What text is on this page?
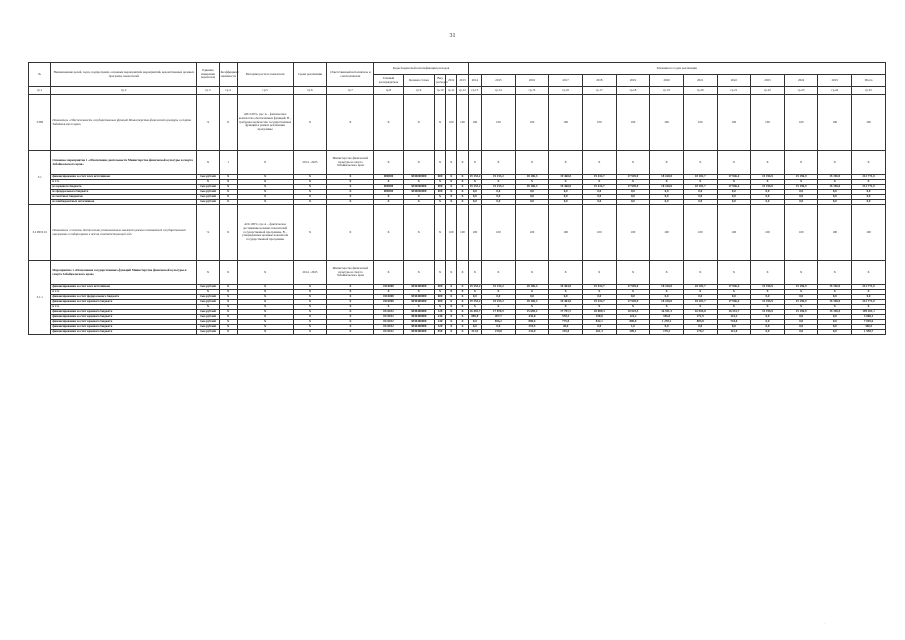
31
№	Наименование целей, задач, подпрограмм, основных мероприятий, мероприятий, ведомственных целевых программ, показателей	Единица измерения показателя	Коэффициент значимости	Методика расчета показателя	Сроки реализации	Ответственный исполнитель и соисполнители	Коды бюджетной классификации расходов					Значения по годам реализации												
							Главный распорядитель	Целевая статья	Вид расходов	2012	2013	2014	2015	2016	2017	2018	2019	2020	2021	2022	2023	2024	2025	Итого
гр.1	гр.2	гр.3	гр.4	гр.5	гр.6	гр.7	гр.8	гр.9	гр.10	гр.11	гр.12	гр.13	гр.14	гр.15	гр.16	гр.17	гр.18	гр.19	гр.20	гр.21	гр.22	гр.23	гр.24	гр.25
3.ПП	Показатель «Обеспеченность государственных функций Министерства физической культуры и спорта Забайкальского края»	%	Х	АП=100%, где: А – фактическое количество обеспеченных функций, В – требуемое количество государственных функций в рамках реализации программы	Х	Х	Х	Х	Х	100	100	100	100	100	100	100	100	100	100	100	100	100	100	100
3.1	Основное мероприятие 1 «Обеспечение деятельности Министерства физической культуры и спорта Забайкальского края»	Х	1	Х	2014 - 2025	Министерство физической культуры и спорта Забайкальского края	Х	Х	Х	Х	Х	Х	Х	Х	Х	Х	Х	Х	Х	Х	Х	Х	Х	Х
	финансирование за счет всех источников	тыс.рублей	Х	Х	Х	Х	000000	3830000000	000	Х	Х	19 153,2	19 153,2	18 106,3	19 460,0	19 432,7	17 949,9	18 410,0	18 181,7	17 946,4	15 196,9	15 196,9	15 196,9	212 771,0
	в т.ч.	Х	Х	Х	Х	Х	Х	Х	Х	Х	Х	Х	Х	Х	Х	Х	Х	Х	Х	Х	Х	Х	Х	Х
	из краевого бюджета	тыс.рублей	Х	Х	Х	Х	000000	3830000000	000	Х	Х	19 153,2	19 153,2	18 106,3	19 460,0	19 432,7	17 949,9	18 410,0	18 181,7	17 946,4	15 196,9	15 196,9	15 196,9	212 771,0
	из федерального бюджета	тыс.рублей	Х	Х	Х	Х	000000	3830000000	000	Х	Х	0,0	0,0	0,0	0,0	0,0	0,0	0,0	0,0	0,0	0,0	0,0	0,0	0,0
	из местных бюджетов	тыс.рублей	Х	Х	Х	Х	Х	Х	Х	Х	Х	0,0	0,0	0,0	0,0	0,0	0,0	0,0	0,0	0,0	0,0	0,0	0,0	0,0
	из внебюджетных источников	тыс.рублей	Х	Х	Х	Х	Х	Х	Х	Х	Х	0,0	0,0	0,0	0,0	0,0	0,0	0,0	0,0	0,0	0,0	0,0	0,0	0,0
3.2 ПП3.01	Показатель «Степень достижения установленных значений целевых показателей государственной программы и подпрограмм к ней на соответствующий год»	%	Х	АП=100%, где А – фактическое достижение целевых показателей государственной программы, В – утвержденные целевые показатели государственной программы	Х	Х	Х	Х	Х	100	100	100	100	100	100	100	100	100	100	100	100	100	100	100
3.1.1	Мероприятие 1 «Исполнение государственных функций Министерства физической культуры и спорта Забайкальского края»	Х	Х	Х	2014 - 2025	Министерство физической культуры и спорта Забайкальского края	Х	Х	Х	Х	Х	Х	Х	Х	Х	Х	Х	Х	Х	Х	Х	Х	Х	Х
	финансирование за счет всех источников	тыс.рублей	Х	Х	Х	Х	0110000	3830400000	000	Х	Х	19 153,2	19 153,2	18 106,3	19 463,0	19 432,7	17 949,9	18 410,0	18 181,7	17 946,4	15 196,9	15 196,9	15 196,9	212 771,0
	в т.ч.	Х	Х	Х	Х	Х	Х	Х	Х	Х	Х	Х	Х	Х	Х	Х	Х	Х	Х	Х	Х	Х	Х	Х
	финансирование за счет федерального бюджета	тыс.рублей	Х	Х	Х	Х	0110000	3830400000	000	Х	Х	0,0	0,0	0,0	0,0	0,0	0,0	0,0	0,0	0,0	0,0	0,0	0,0	0,0
	финансирование за счет краевого бюджета	тыс.рублей	Х	Х	Х	Х	0110000	3830400000	000	Х	Х	19 153,2	19 153,2	18 106,3	19 463,0	19 432,7	17 949,9	18 410,0	18 181,7	17 946,4	15 196,9	15 196,9	15 196,9	212 771,0
	в т.ч.	Х	Х	Х	Х	Х	Х	Х	Х	Х	Х	Х	Х	Х	Х	Х	Х	Х	Х	Х	Х	Х	Х	Х
	финансирование за счет краевого бюджета	тыс.рублей	Х	Х	Х	Х	0111102	3830400000	120	Х	Х	16 492,7	17 870,5	15 685,2	17 791,7	18 089,3	16 925,5	16 911,3	16 504,8	16 331,7	15 196,9	15 196,9	15 196,9	199 201,1
	финансирование за счет краевого бюджета	тыс.рублей	Х	Х	Х	Х	0111102	3830400000	240	Х	Х	885,8	207,7	432,8	570,3	250,0	124,2	186,8	271,9	141,2	0,0	0,0	0,0	3 068,1
	финансирование за счет краевого бюджета	тыс.рублей	Х	Х	Х	Х	0111102	3830400000	240	Х	Х	0,0	856,2	880,6	775,0	832,1	800,0	1 278,1	883,8	744,0	0,0	0,0	0,0	7 049,6
	финансирование за счет краевого бюджета	тыс.рублей	Х	Х	Х	Х	0111102	3830400000	320	Х	Х	0,0	0,0	319,5	20,0	0,0	1,0	0,0	0,0	0,0	0,0	0,0	0,0	340,5
	финансирование за счет краевого бюджета	тыс.рублей	Х	Х	Х	Х	0111102	3830400000	850	Х	Х	311,9	219,8	232,0	319,0	261,3	209,1	179,2	179,2	112,0	0,0	0,0	0,0	1 958,7
.
